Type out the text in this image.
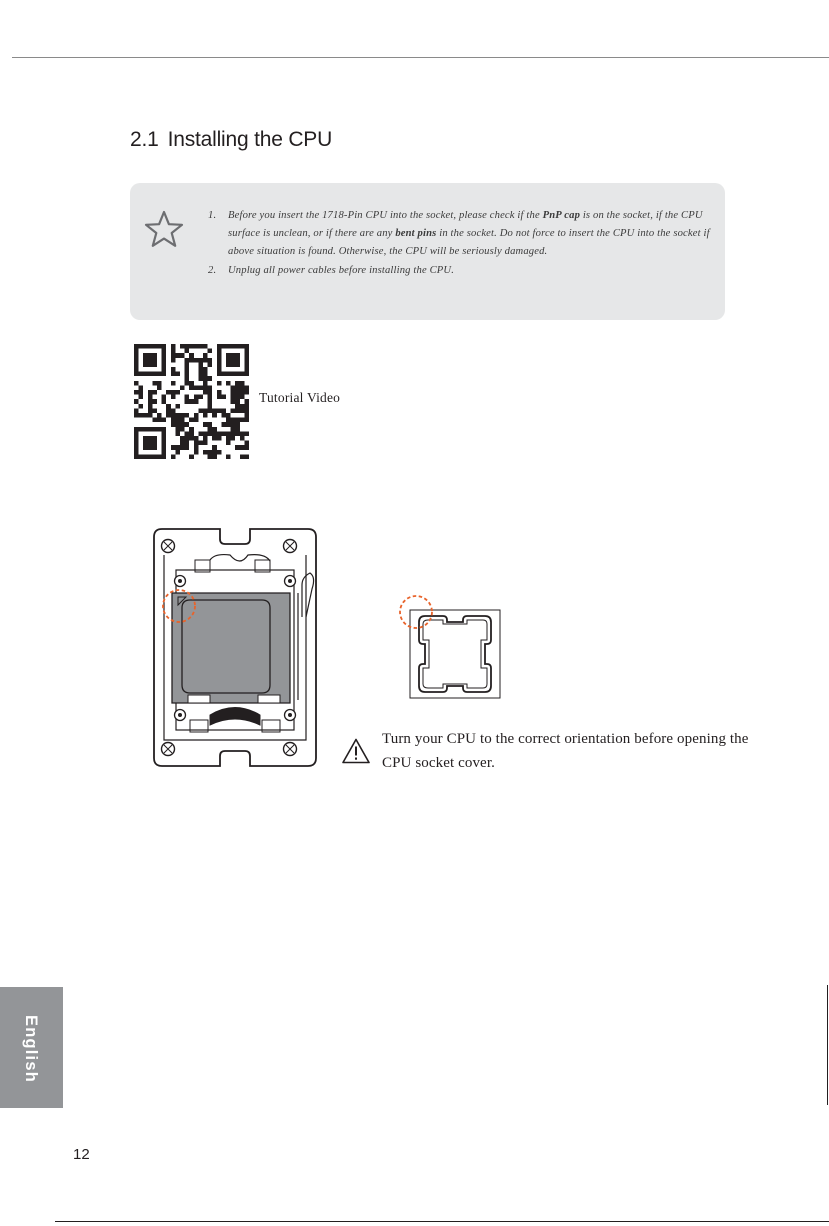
2.1 Installing the CPU
1. Before you insert the 1718-Pin CPU into the socket, please check if the PnP cap is on the socket, if the CPU surface is unclean, or if there are any bent pins in the socket. Do not force to insert the CPU into the socket if above situation is found. Otherwise, the CPU will be seriously damaged.
2. Unplug all power cables before installing the CPU.
Tutorial Video
Turn your CPU to the correct orientation before opening the CPU socket cover.
English
12
